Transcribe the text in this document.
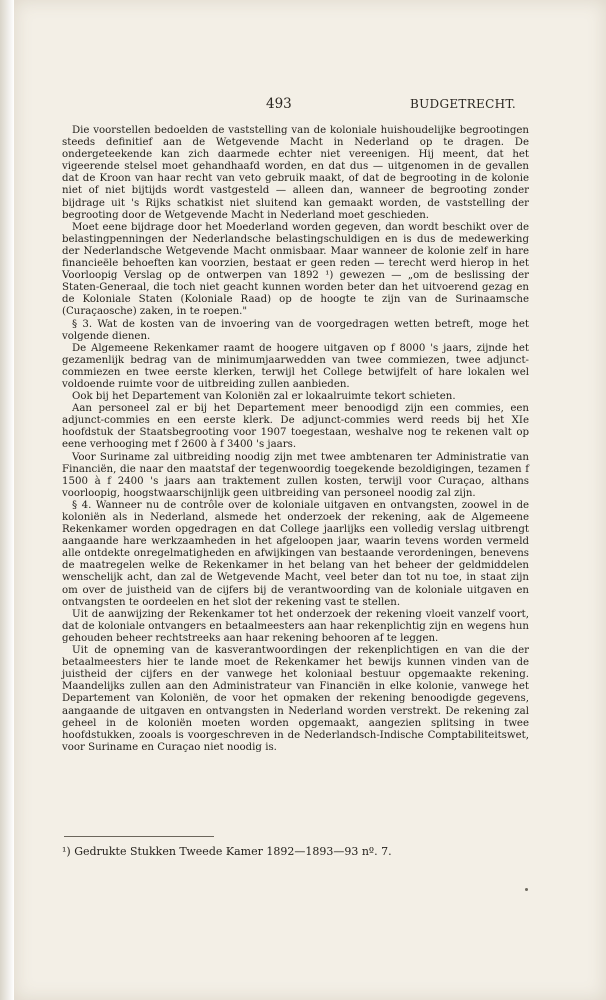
493	BUDGETRECHT.

Die voorstellen bedoelden de vaststelling van de koloniale huishoudelijke begrootingen steeds definitief aan de Wetgevende Macht in Nederland op te dragen. De ondergeteekende kan zich daarmede echter niet vereenigen. Hij meent, dat het vigeerende stelsel moet gehandhaafd worden, en dat dus — uitgenomen in de gevallen dat de Kroon van haar recht van veto gebruik maakt, of dat de begrooting in de kolonie niet of niet bijtijds wordt vastgesteld — alleen dan, wanneer de begrooting zonder bijdrage uit 's Rijks schatkist niet sluitend kan gemaakt worden, de vaststelling der begrooting door de Wetgevende Macht in Nederland moet geschieden.

Moet eene bijdrage door het Moederland worden gegeven, dan wordt beschikt over de belastingpenningen der Nederlandsche belastingschuldigen en is dus de medewerking der Nederlandsche Wetgevende Macht onmisbaar. Maar wanneer de kolonie zelf in hare financieële behoeften kan voorzien, bestaat er geen reden — terecht werd hierop in het Voorloopig Verslag op de ontwerpen van 1892 ¹) gewezen — „om de beslissing der Staten-Generaal, die toch niet geacht kunnen worden beter dan het uitvoerend gezag en de Koloniale Staten (Koloniale Raad) op de hoogte te zijn van de Surinaamsche (Curaçaosche) zaken, in te roepen."

§ 3. Wat de kosten van de invoering van de voorgedragen wetten betreft, moge het volgende dienen.

De Algemeene Rekenkamer raamt de hoogere uitgaven op f 8000 's jaars, zijnde het gezamenlijk bedrag van de minimumjaarwedden van twee commiezen, twee adjunct-commiezen en twee eerste klerken, terwijl het College betwijfelt of hare lokalen wel voldoende ruimte voor de uitbreiding zullen aanbieden.

Ook bij het Departement van Koloniën zal er lokaalruimte tekort schieten.

Aan personeel zal er bij het Departement meer benoodigd zijn een commies, een adjunct-commies en een eerste klerk. De adjunct-commies werd reeds bij het XIe hoofdstuk der Staatsbegrooting voor 1907 toegestaan, weshalve nog te rekenen valt op eene verhooging met f 2600 à f 3400 's jaars.

Voor Suriname zal uitbreiding noodig zijn met twee ambtenaren ter Administratie van Financiën, die naar den maatstaf der tegenwoordig toegekende bezoldigingen, tezamen f 1500 à f 2400 's jaars aan traktement zullen kosten, terwijl voor Curaçao, althans voorloopig, hoogstwaarschijnlijk geen uitbreiding van personeel noodig zal zijn.

§ 4. Wanneer nu de contrôle over de koloniale uitgaven en ontvangsten, zoowel in de koloniën als in Nederland, alsmede het onderzoek der rekening, aak de Algemeene Rekenkamer worden opgedragen en dat College jaarlijks een volledig verslag uitbrengt aangaande hare werkzaamheden in het afgeloopen jaar, waarin tevens worden vermeld alle ontdekte onregelmatigheden en afwijkingen van bestaande verordeningen, benevens de maatregelen welke de Rekenkamer in het belang van het beheer der geldmiddelen wenschelijk acht, dan zal de Wetgevende Macht, veel beter dan tot nu toe, in staat zijn om over de juistheid van de cijfers bij de verantwoording van de koloniale uitgaven en ontvangsten te oordeelen en het slot der rekening vast te stellen.

Uit de aanwijzing der Rekenkamer tot het onderzoek der rekening vloeit vanzelf voort, dat de koloniale ontvangers en betaalmeesters aan haar rekenplichtig zijn en wegens hun gehouden beheer rechtstreeks aan haar rekening behooren af te leggen.

Uit de opneming van de kasverantwoordingen der rekenplichtigen en van die der betaalmeesters hier te lande moet de Rekenkamer het bewijs kunnen vinden van de juistheid der cijfers en der vanwege het koloniaal bestuur opgemaakte rekening. Maandelijks zullen aan den Administrateur van Financiën in elke kolonie, vanwege het Departement van Koloniën, de voor het opmaken der rekening benoodigde gegevens, aangaande de uitgaven en ontvangsten in Nederland worden verstrekt. De rekening zal geheel in de koloniën moeten worden opgemaakt, aangezien splitsing in twee hoofdstukken, zooals is voorgeschreven in de Nederlandsch-Indische Comptabiliteitswet, voor Suriname en Curaçao niet noodig is.

¹) Gedrukte Stukken Tweede Kamer 1892—1893—93 nº. 7.
